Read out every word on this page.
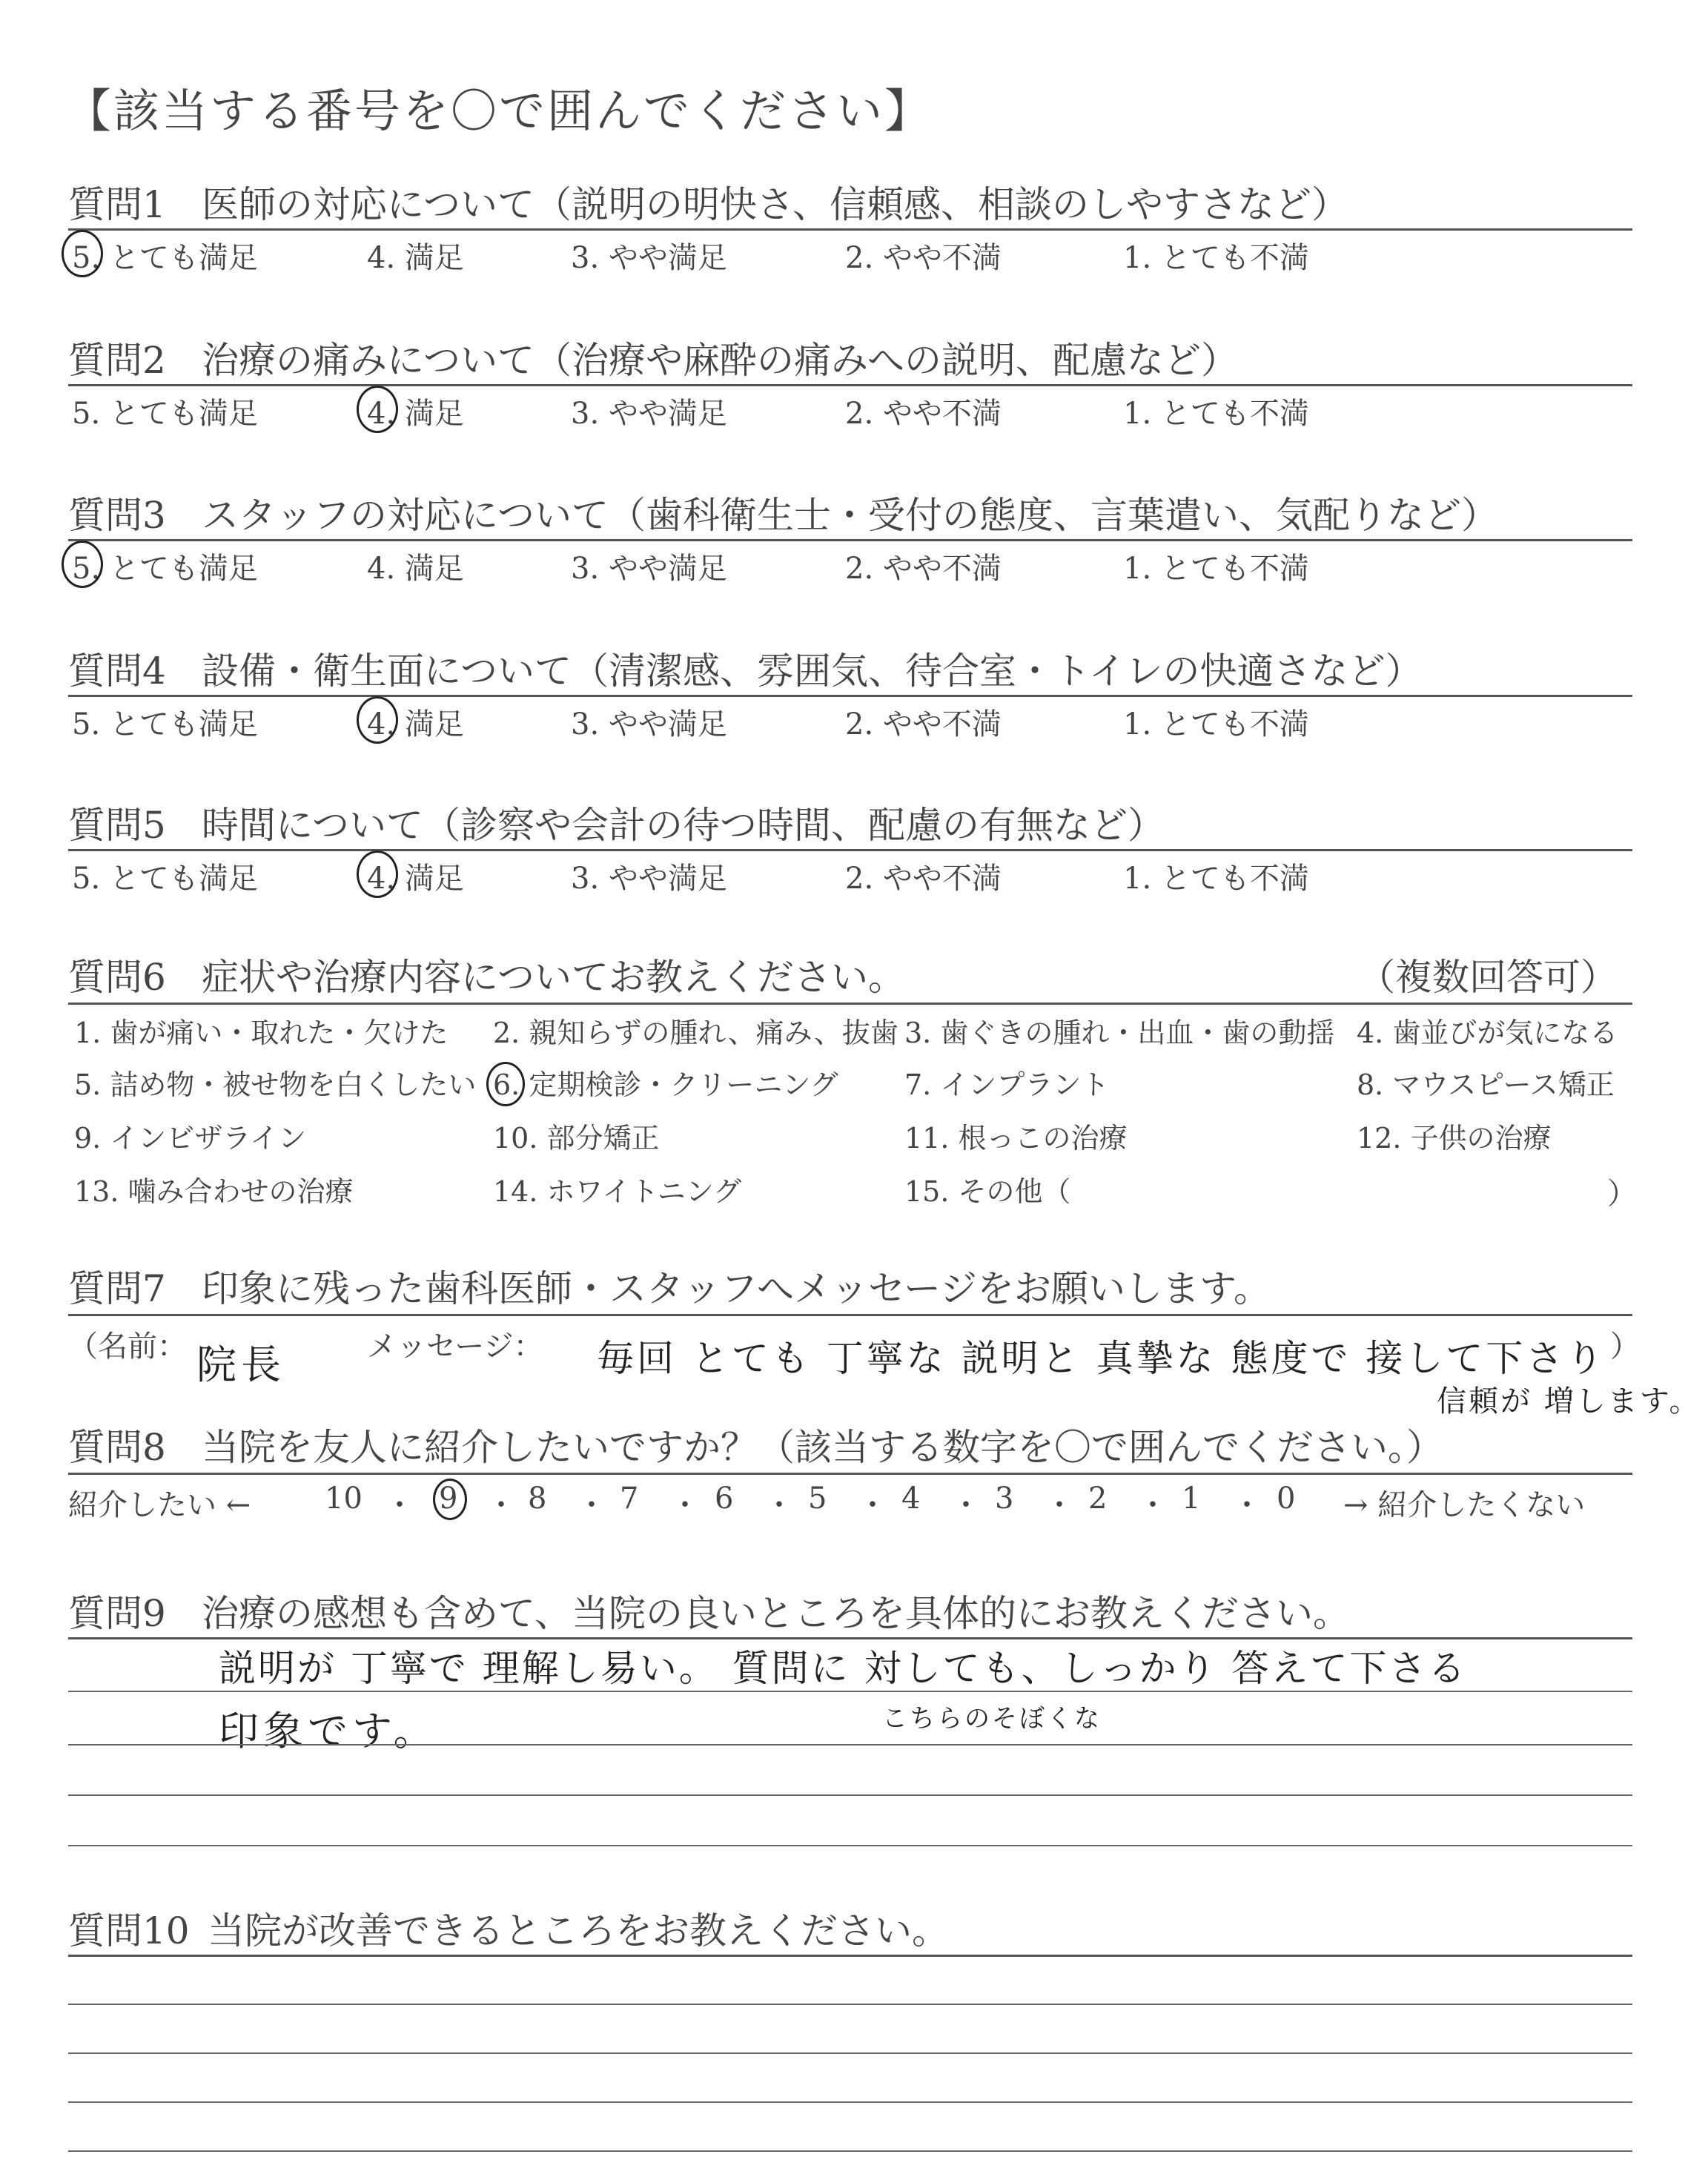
【該当する番号を〇で囲んでください】
質問1 医師の対応について（説明の明快さ、信頼感、相談のしやすさなど）
5. とても満足	4. 満足	3. やや満足	2. やや不満	1. とても不満
質問2 治療の痛みについて（治療や麻酔の痛みへの説明、配慮など）
5. とても満足	4. 満足	3. やや満足	2. やや不満	1. とても不満
質問3 スタッフの対応について（歯科衛生士・受付の態度、言葉遣い、気配りなど）
5. とても満足	4. 満足	3. やや満足	2. やや不満	1. とても不満
質問4 設備・衛生面について（清潔感、雰囲気、待合室・トイレの快適さなど）
5. とても満足	4. 満足	3. やや満足	2. やや不満	1. とても不満
質問5 時間について（診察や会計の待つ時間、配慮の有無など）
5. とても満足	4. 満足	3. やや満足	2. やや不満	1. とても不満
質問6 症状や治療内容についてお教えください。	（複数回答可）
1. 歯が痛い・取れた・欠けた 2. 親知らずの腫れ、痛み、抜歯 3. 歯ぐきの腫れ・出血・歯の動揺 4. 歯並びが気になる
5. 詰め物・被せ物を白くしたい 6. 定期検診・クリーニング 7. インプラント	8. マウスピース矯正
9. インビザライン	10. 部分矯正	11. 根っこの治療	12. 子供の治療
13. 噛み合わせの治療	14. ホワイトニング	15. その他（	）
質問7 印象に残った歯科医師・スタッフへメッセージをお願いします。
（名前： 院長	メッセージ： 毎回 とても 丁寧な 説明と 真摯な 態度で 接して下さり ）
信頼が 増します。
質問8 当院を友人に紹介したいですか？（該当する数字を〇で囲んでください。）
紹介したい ← 10 ・ 9 ・ 8 ・ 7 ・ 6 ・ 5 ・ 4 ・ 3 ・ 2 ・ 1 ・ 0 → 紹介したくない
質問9 治療の感想も含めて、当院の良いところを具体的にお教えください。
説明が 丁寧で 理解し易い。 質問に 対しても、しっかり 答えて下さる
こちらのそぼくな
印象です。
質問10 当院が改善できるところをお教えください。
